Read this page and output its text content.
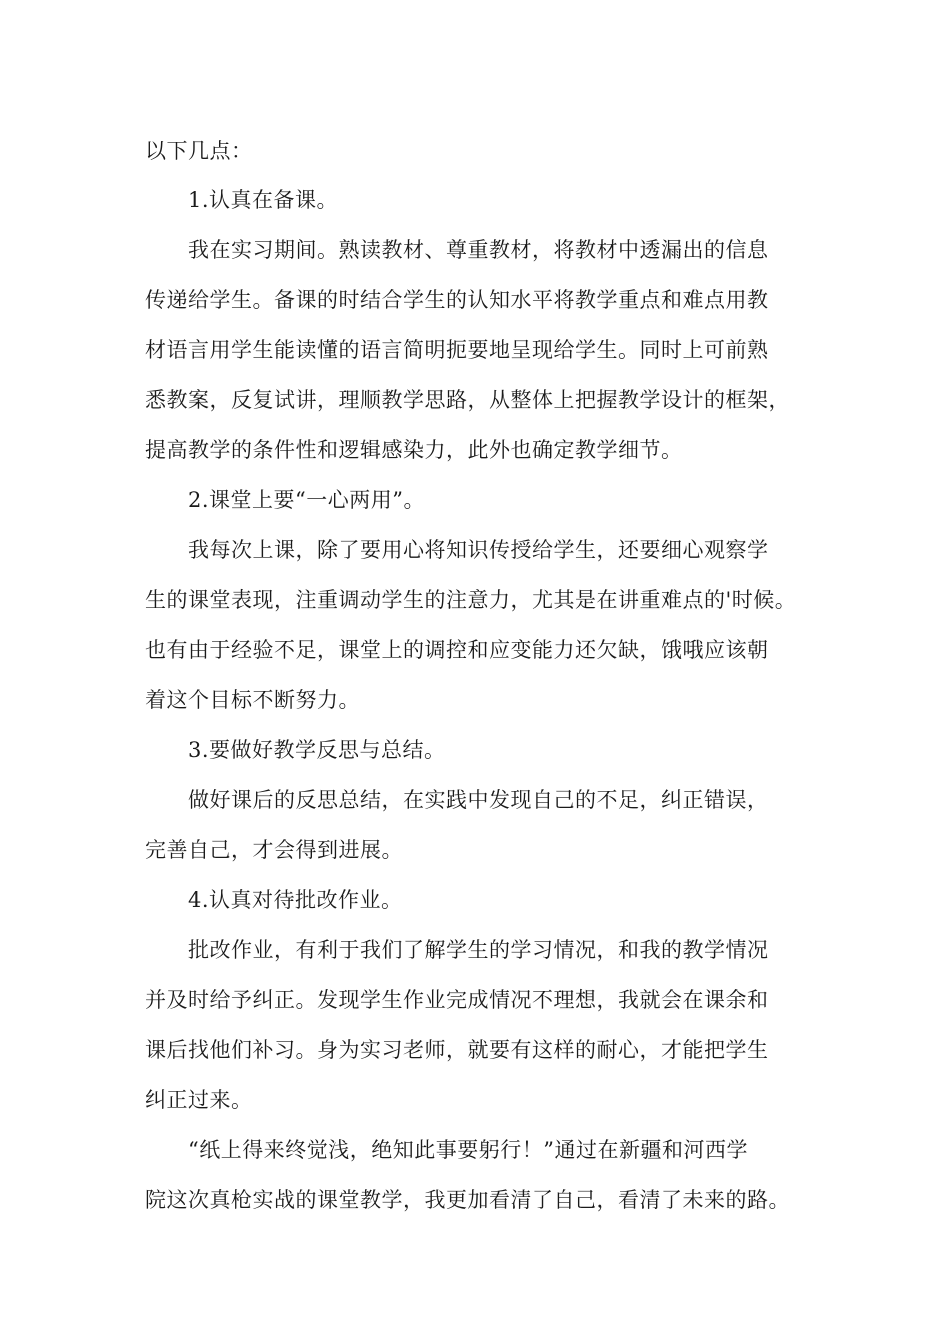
以下几点：
1.认真在备课。
我在实习期间。熟读教材、尊重教材，将教材中透漏出的信息
传递给学生。备课的时结合学生的认知水平将教学重点和难点用教
材语言用学生能读懂的语言简明扼要地呈现给学生。同时上可前熟
悉教案，反复试讲，理顺教学思路，从整体上把握教学设计的框架，
提高教学的条件性和逻辑感染力，此外也确定教学细节。
2.课堂上要“一心两用”。
我每次上课，除了要用心将知识传授给学生，还要细心观察学
生的课堂表现，注重调动学生的注意力，尤其是在讲重难点的'时候。
也有由于经验不足，课堂上的调控和应变能力还欠缺，饿哦应该朝
着这个目标不断努力。
3.要做好教学反思与总结。
做好课后的反思总结，在实践中发现自己的不足，纠正错误，
完善自己，才会得到进展。
4.认真对待批改作业。
批改作业，有利于我们了解学生的学习情况，和我的教学情况
并及时给予纠正。发现学生作业完成情况不理想，我就会在课余和
课后找他们补习。身为实习老师，就要有这样的耐心，才能把学生
纠正过来。
“纸上得来终觉浅，绝知此事要躬行！”通过在新疆和河西学
院这次真枪实战的课堂教学，我更加看清了自己，看清了未来的路。
